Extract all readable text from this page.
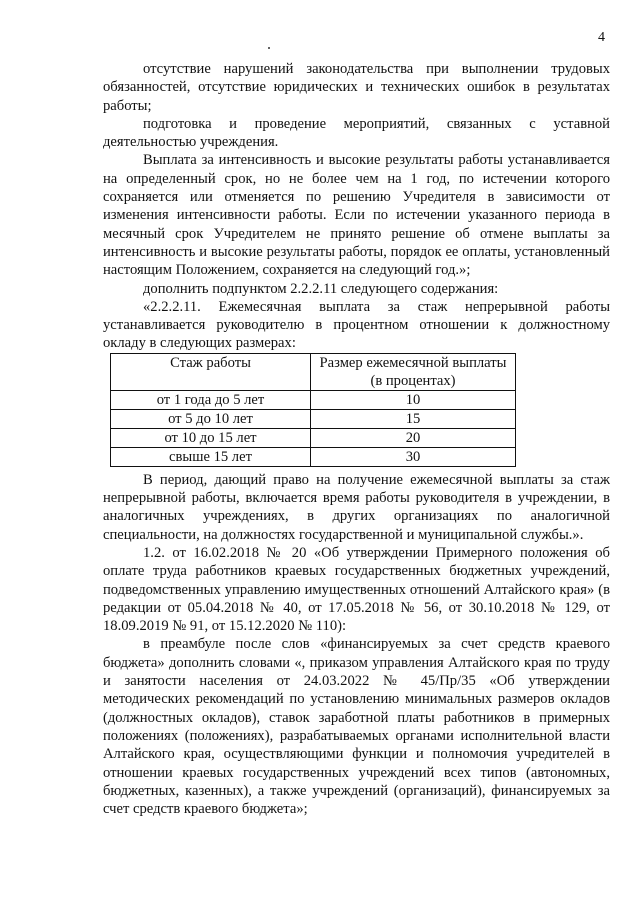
4

отсутствие нарушений законодательства при выполнении трудовых обязанностей, отсутствие юридических и технических ошибок в результатах работы;

подготовка и проведение мероприятий, связанных с уставной деятельностью учреждения.

Выплата за интенсивность и высокие результаты работы устанавливается на определенный срок, но не более чем на 1 год, по истечении которого сохраняется или отменяется по решению Учредителя в зависимости от изменения интенсивности работы. Если по истечении указанного периода в месячный срок Учредителем не принято решение об отмене выплаты за интенсивность и высокие результаты работы, порядок ее оплаты, установленный настоящим Положением, сохраняется на следующий год.»;

дополнить подпунктом 2.2.2.11 следующего содержания:

«2.2.2.11. Ежемесячная выплата за стаж непрерывной работы устанавливается руководителю в процентном отношении к должностному окладу в следующих размерах:

Стаж работы	Размер ежемесячной выплаты (в процентах)
от 1 года до 5 лет	10
от 5 до 10 лет	15
от 10 до 15 лет	20
свыше 15 лет	30

В период, дающий право на получение ежемесячной выплаты за стаж непрерывной работы, включается время работы руководителя в учреждении, в аналогичных учреждениях, в других организациях по аналогичной специальности, на должностях государственной и муниципальной службы.».

1.2. от 16.02.2018 № 20 «Об утверждении Примерного положения об оплате труда работников краевых государственных бюджетных учреждений, подведомственных управлению имущественных отношений Алтайского края» (в редакции от 05.04.2018 № 40, от 17.05.2018 № 56, от 30.10.2018 № 129, от 18.09.2019 № 91, от 15.12.2020 № 110):

в преамбуле после слов «финансируемых за счет средств краевого бюджета» дополнить словами «, приказом управления Алтайского края по труду и занятости населения от 24.03.2022 № 45/Пр/35 «Об утверждении методических рекомендаций по установлению минимальных размеров окладов (должностных окладов), ставок заработной платы работников в примерных положениях (положениях), разрабатываемых органами исполнительной власти Алтайского края, осуществляющими функции и полномочия учредителей в отношении краевых государственных учреждений всех типов (автономных, бюджетных, казенных), а также учреждений (организаций), финансируемых за счет средств краевого бюджета»;
